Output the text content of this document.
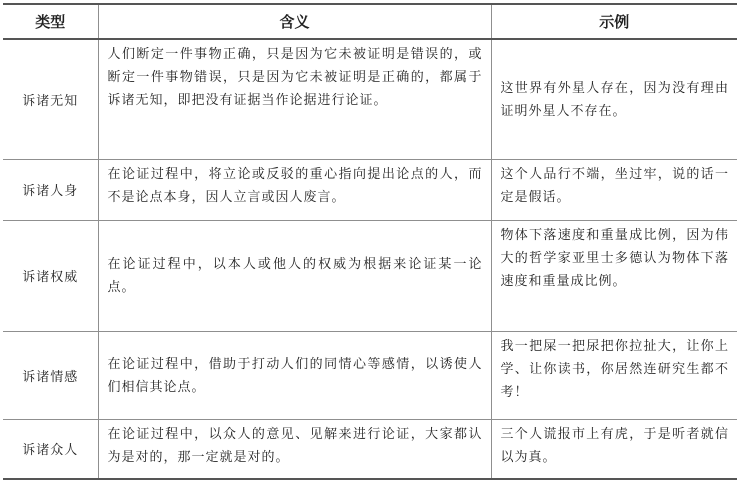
类型	含义	示例
诉诸无知	人们断定一件事物正确，只是因为它未被证明是错误的，或断定一件事物错误，只是因为它未被证明是正确的，都属于诉诸无知，即把没有证据当作论据进行论证。	这世界有外星人存在，因为没有理由证明外星人不存在。
诉诸人身	在论证过程中，将立论或反驳的重心指向提出论点的人，而不是论点本身，因人立言或因人废言。	这个人品行不端，坐过牢，说的话一定是假话。
诉诸权威	在论证过程中，以本人或他人的权威为根据来论证某一论点。	物体下落速度和重量成比例，因为伟大的哲学家亚里士多德认为物体下落速度和重量成比例。
诉诸情感	在论证过程中，借助于打动人们的同情心等感情，以诱使人们相信其论点。	我一把屎一把尿把你拉扯大，让你上学、让你读书，你居然连研究生都不考！
诉诸众人	在论证过程中，以众人的意见、见解来进行论证，大家都认为是对的，那一定就是对的。	三个人谎报市上有虎，于是听者就信以为真。
